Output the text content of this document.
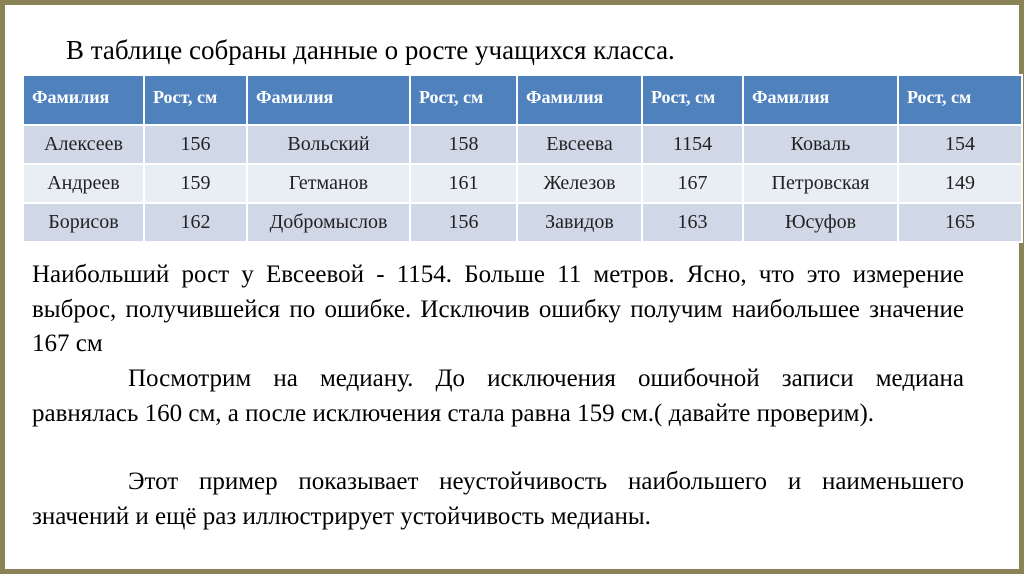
В таблице собраны данные о росте учащихся класса.
Фамилия	Рост, см	Фамилия	Рост, см	Фамилия	Рост, см	Фамилия	Рост, см
Алексеев	156	Вольский	158	Евсеева	1154	Коваль	154
Андреев	159	Гетманов	161	Железов	167	Петровская	149
Борисов	162	Добромыслов	156	Завидов	163	Юсуфов	165
Наибольший рост у Евсеевой - 1154. Больше 11 метров. Ясно, что это измерение выброс, получившейся по ошибке. Исключив ошибку получим наибольшее значение 167 см
Посмотрим на медиану. До исключения ошибочной записи медиана равнялась 160 см, а после исключения стала равна 159 см.( давайте проверим).
Этот пример показывает неустойчивость наибольшего и наименьшего значений и ещё раз иллюстрирует устойчивость медианы.
